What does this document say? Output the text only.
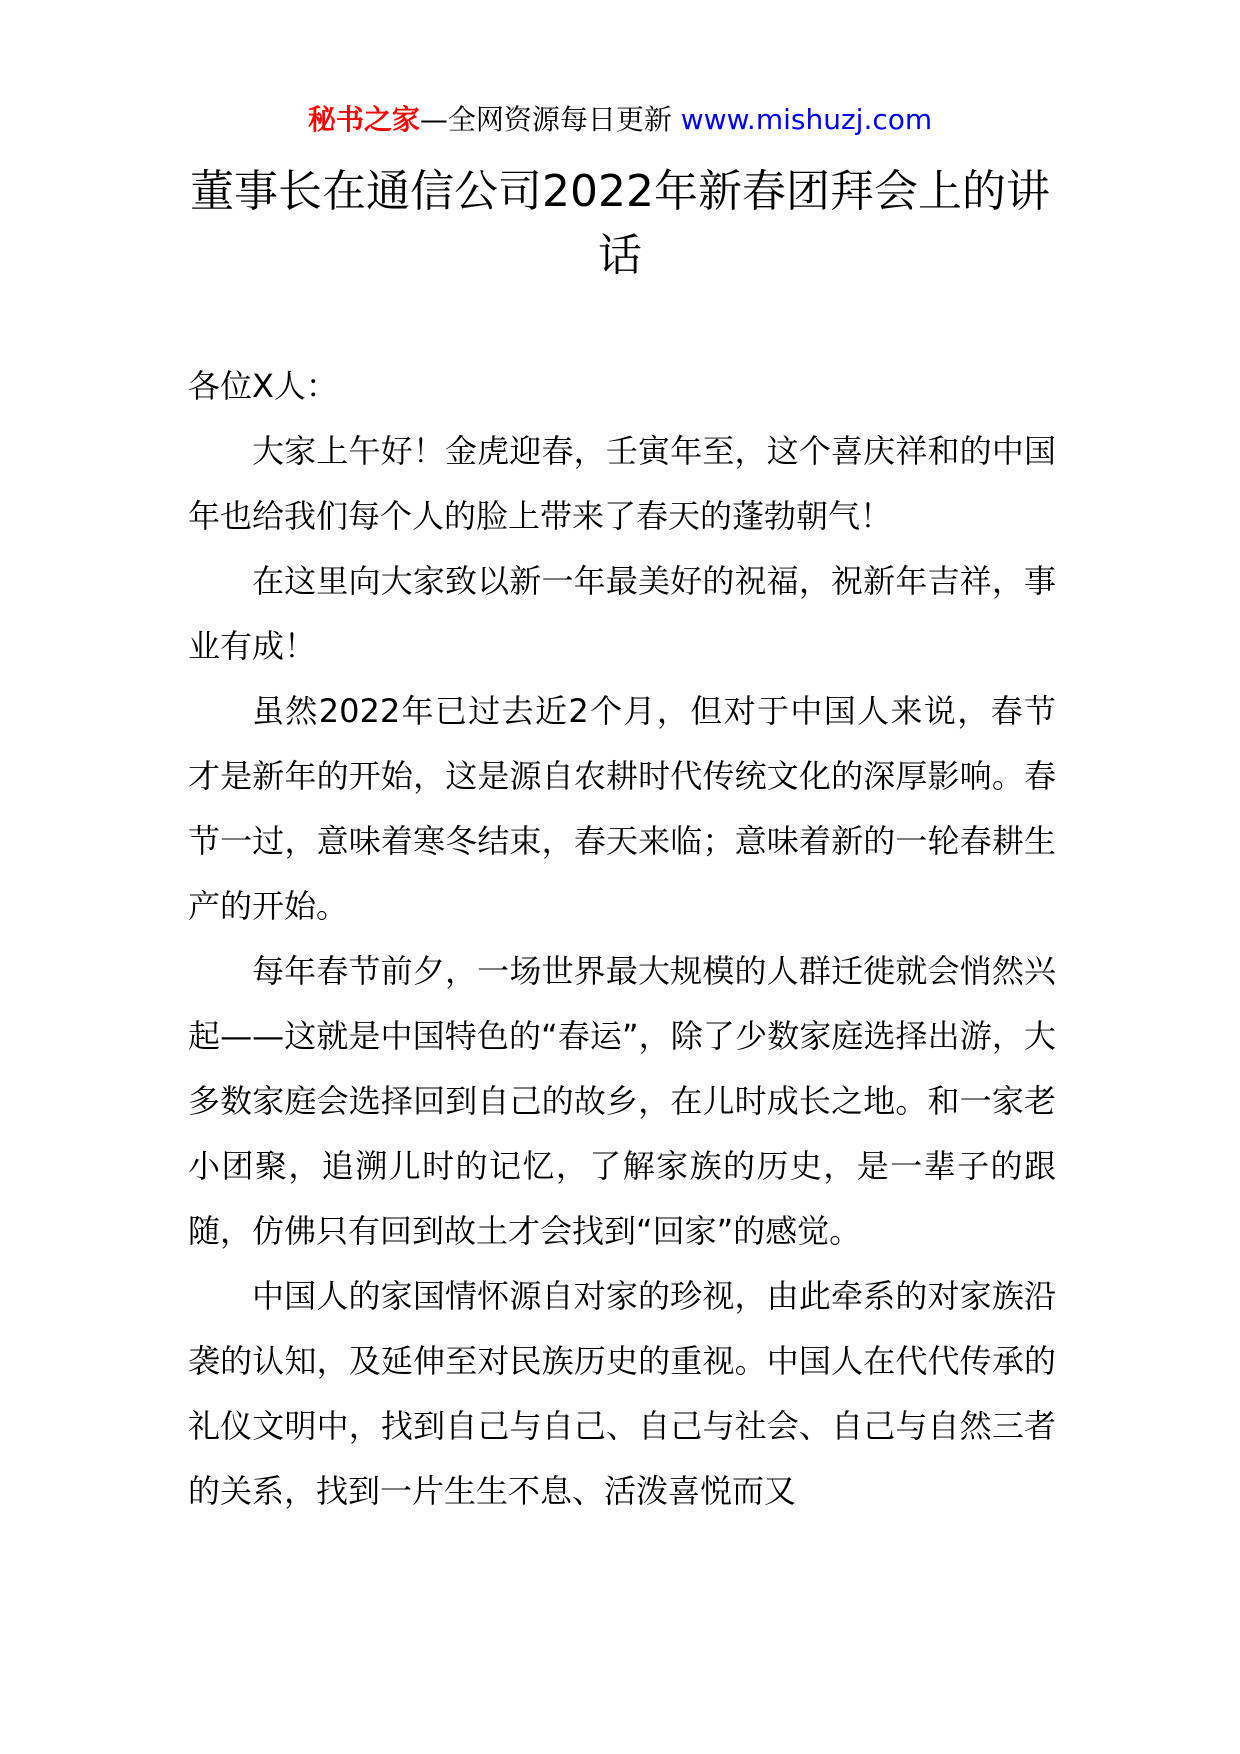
秘书之家—全网资源每日更新 www.mishuzj.com
董事长在通信公司2022年新春团拜会上的讲话

各位X人：

大家上午好！金虎迎春，壬寅年至，这个喜庆祥和的中国年也给我们每个人的脸上带来了春天的蓬勃朝气！

在这里向大家致以新一年最美好的祝福，祝新年吉祥，事业有成！

虽然2022年已过去近2个月，但对于中国人来说，春节才是新年的开始，这是源自农耕时代传统文化的深厚影响。春节一过，意味着寒冬结束，春天来临；意味着新的一轮春耕生产的开始。

每年春节前夕，一场世界最大规模的人群迁徙就会悄然兴起——这就是中国特色的“春运”，除了少数家庭选择出游，大多数家庭会选择回到自己的故乡，在儿时成长之地。和一家老小团聚，追溯儿时的记忆，了解家族的历史，是一辈子的跟随，仿佛只有回到故土才会找到“回家”的感觉。

中国人的家国情怀源自对家的珍视，由此牵系的对家族沿袭的认知，及延伸至对民族历史的重视。中国人在代代传承的礼仪文明中，找到自己与自己、自己与社会、自己与自然三者的关系，找到一片生生不息、活泼喜悦而又
